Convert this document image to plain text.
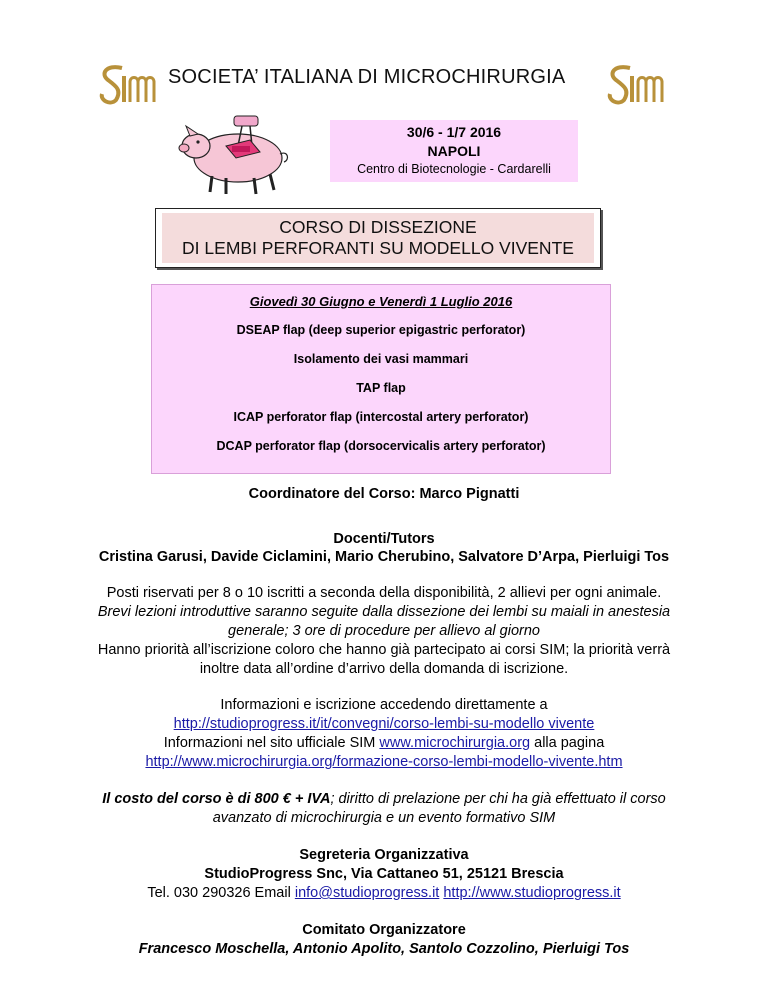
SOCIETA’ ITALIANA DI MICROCHIRURGIA
30/6 - 1/7 2016
NAPOLI
Centro di Biotecnologie - Cardarelli
CORSO DI DISSEZIONE
DI LEMBI PERFORANTI SU MODELLO VIVENTE
Giovedì 30 Giugno e Venerdì 1 Luglio 2016
DSEAP flap (deep superior epigastric perforator)
Isolamento dei vasi mammari
TAP flap
ICAP perforator flap (intercostal artery perforator)
DCAP perforator flap (dorsocervicalis artery perforator)
Coordinatore del Corso: Marco Pignatti
Docenti/Tutors
Cristina Garusi, Davide Ciclamini, Mario Cherubino, Salvatore D’Arpa, Pierluigi Tos
Posti riservati per 8 o 10 iscritti a seconda della disponibilità, 2 allievi per ogni animale.
Brevi lezioni introduttive saranno seguite dalla dissezione dei lembi su maiali in anestesia
generale; 3 ore di procedure per allievo al giorno
Hanno priorità all’iscrizione coloro che hanno già partecipato ai corsi SIM; la priorità verrà
inoltre data all’ordine d’arrivo della domanda di iscrizione.
Informazioni e iscrizione accedendo direttamente a
http://studioprogress.it/it/convegni/corso-lembi-su-modello vivente
Informazioni nel sito ufficiale SIM www.microchirurgia.org alla pagina
http://www.microchirurgia.org/formazione-corso-lembi-modello-vivente.htm
Il costo del corso è di 800 € + IVA; diritto di prelazione per chi ha già effettuato il corso
avanzato di microchirurgia e un evento formativo SIM
Segreteria Organizzativa
StudioProgress Snc, Via Cattaneo 51, 25121 Brescia
Tel. 030 290326 Email info@studioprogress.it http://www.studioprogress.it
Comitato Organizzatore
Francesco Moschella, Antonio Apolito, Santolo Cozzolino, Pierluigi Tos
